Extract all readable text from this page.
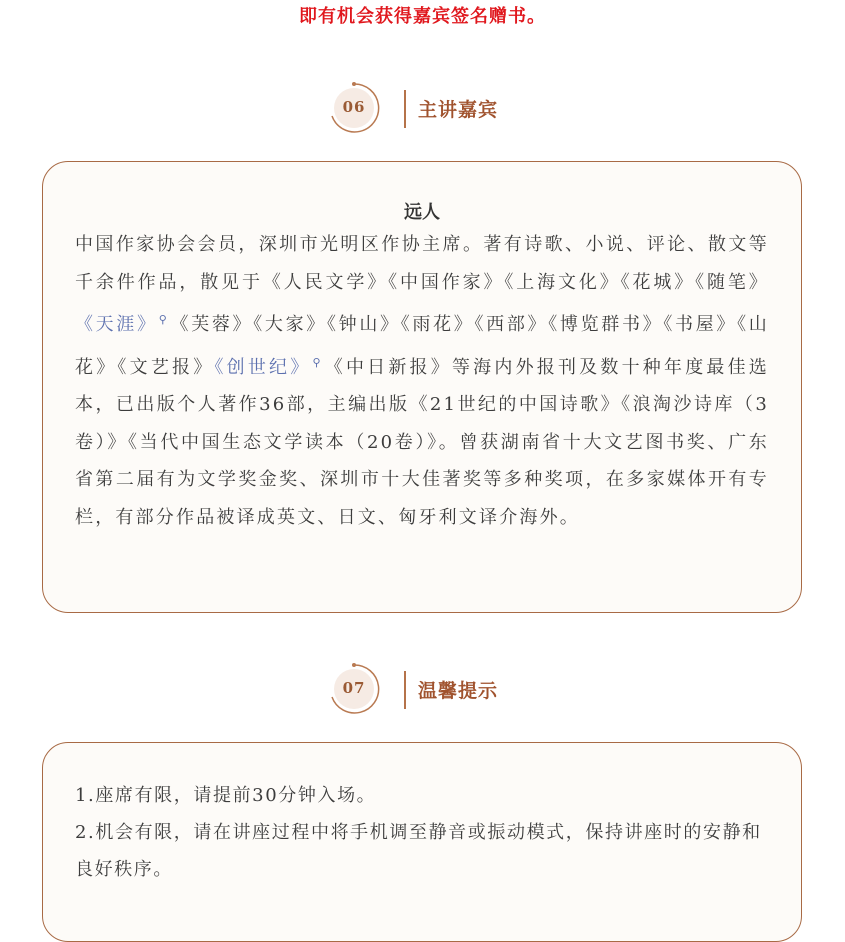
即有机会获得嘉宾签名赠书。
06	主讲嘉宾
远人

中国作家协会会员，深圳市光明区作协主席。著有诗歌、小说、评论、散文等千余件作品，散见于《人民文学》《中国作家》《上海文化》《花城》《随笔》《天涯》⚲《芙蓉》《大家》《钟山》《雨花》《西部》《博览群书》《书屋》《山花》《文艺报》《创世纪》⚲《中日新报》等海内外报刊及数十种年度最佳选本，已出版个人著作36部，主编出版《21世纪的中国诗歌》《浪淘沙诗库（3卷）》《当代中国生态文学读本（20卷）》。曾获湖南省十大文艺图书奖、广东省第二届有为文学奖金奖、深圳市十大佳著奖等多种奖项，在多家媒体开有专栏，有部分作品被译成英文、日文、匈牙利文译介海外。

07	温馨提示

1.座席有限，请提前30分钟入场。

2.机会有限，请在讲座过程中将手机调至静音或振动模式，保持讲座时的安静和良好秩序。
